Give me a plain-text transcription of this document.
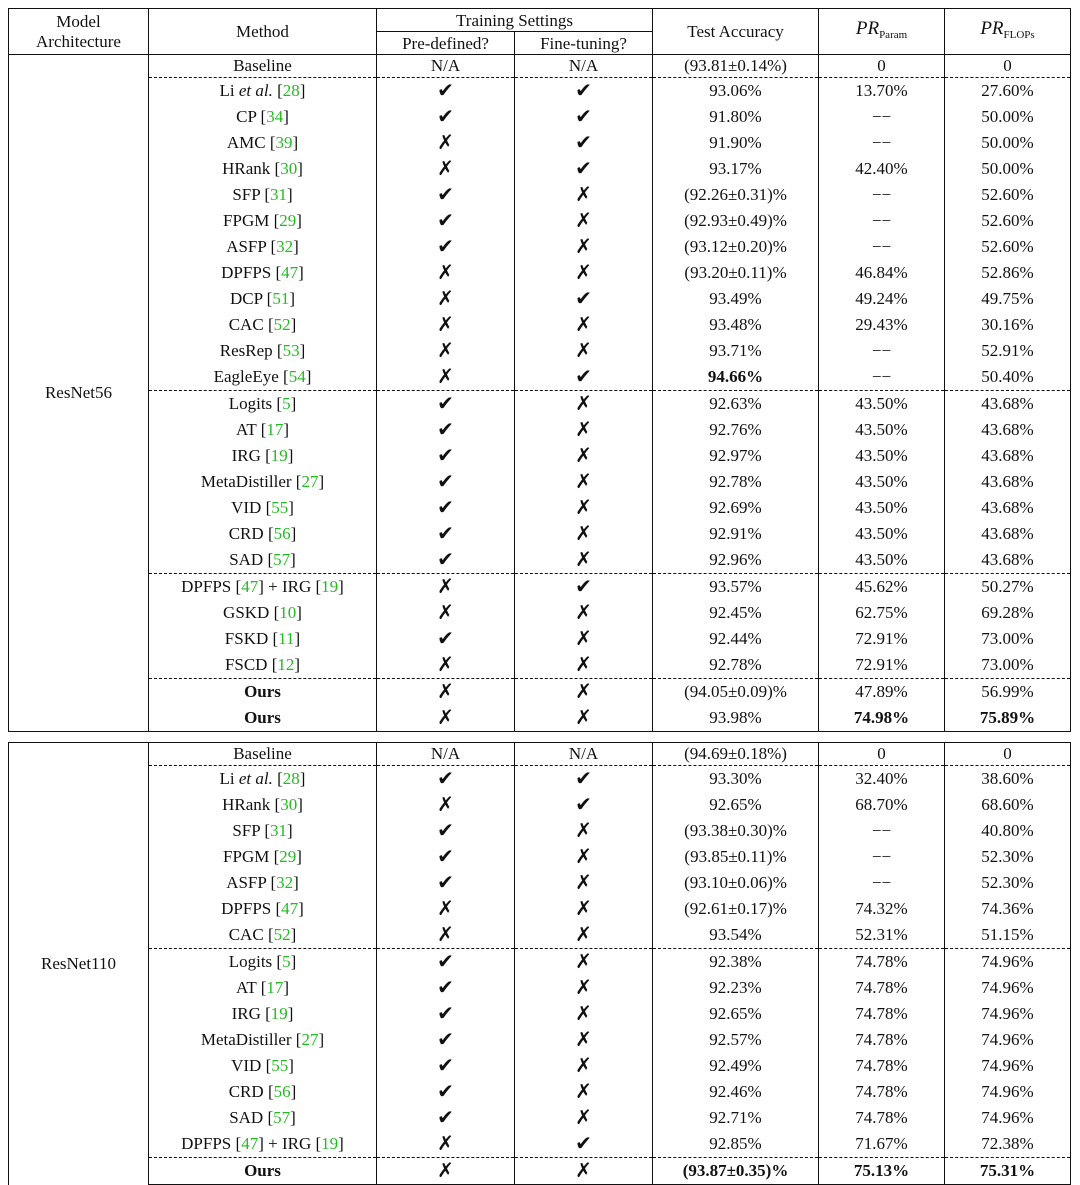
Model Architecture	Method	Training Settings		Test Accuracy	$PR_{Param}$	$PR_{FLOPs}$
		Pre-defined?	Fine-tuning?			
ResNet56	Baseline	N/A	N/A	(93.81±0.14%)	0	0
	Li et al. [28]	✔	✔	93.06%	13.70%	27.60%
	CP [34]	✔	✔	91.80%	−−	50.00%
	AMC [39]	✗	✔	91.90%	−−	50.00%
	HRank [30]	✗	✔	93.17%	42.40%	50.00%
	SFP [31]	✔	✗	(92.26±0.31)%	−−	52.60%
	FPGM [29]	✔	✗	(92.93±0.49)%	−−	52.60%
	ASFP [32]	✔	✗	(93.12±0.20)%	−−	52.60%
	DPFPS [47]	✗	✗	(93.20±0.11)%	46.84%	52.86%
	DCP [51]	✗	✔	93.49%	49.24%	49.75%
	CAC [52]	✗	✗	93.48%	29.43%	30.16%
	ResRep [53]	✗	✗	93.71%	−−	52.91%
	EagleEye [54]	✗	✔	94.66%	−−	50.40%
	Logits [5]	✔	✗	92.63%	43.50%	43.68%
	AT [17]	✔	✗	92.76%	43.50%	43.68%
	IRG [19]	✔	✗	92.97%	43.50%	43.68%
	MetaDistiller [27]	✔	✗	92.78%	43.50%	43.68%
	VID [55]	✔	✗	92.69%	43.50%	43.68%
	CRD [56]	✔	✗	92.91%	43.50%	43.68%
	SAD [57]	✔	✗	92.96%	43.50%	43.68%
	DPFPS [47] + IRG [19]	✗	✔	93.57%	45.62%	50.27%
	GSKD [10]	✗	✗	92.45%	62.75%	69.28%
	FSKD [11]	✔	✗	92.44%	72.91%	73.00%
	FSCD [12]	✗	✗	92.78%	72.91%	73.00%
	Ours	✗	✗	(94.05±0.09)%	47.89%	56.99%
	Ours	✗	✗	93.98%	74.98%	75.89%

ResNet110	Baseline	N/A	N/A	(94.69±0.18%)	0	0
	Li et al. [28]	✔	✔	93.30%	32.40%	38.60%
	HRank [30]	✗	✔	92.65%	68.70%	68.60%
	SFP [31]	✔	✗	(93.38±0.30)%	−−	40.80%
	FPGM [29]	✔	✗	(93.85±0.11)%	−−	52.30%
	ASFP [32]	✔	✗	(93.10±0.06)%	−−	52.30%
	DPFPS [47]	✗	✗	(92.61±0.17)%	74.32%	74.36%
	CAC [52]	✗	✗	93.54%	52.31%	51.15%
	Logits [5]	✔	✗	92.38%	74.78%	74.96%
	AT [17]	✔	✗	92.23%	74.78%	74.96%
	IRG [19]	✔	✗	92.65%	74.78%	74.96%
	MetaDistiller [27]	✔	✗	92.57%	74.78%	74.96%
	VID [55]	✔	✗	92.49%	74.78%	74.96%
	CRD [56]	✔	✗	92.46%	74.78%	74.96%
	SAD [57]	✔	✗	92.71%	74.78%	74.96%
	DPFPS [47] + IRG [19]	✗	✔	92.85%	71.67%	72.38%
	Ours	✗	✗	(93.87±0.35)%	75.13%	75.31%
